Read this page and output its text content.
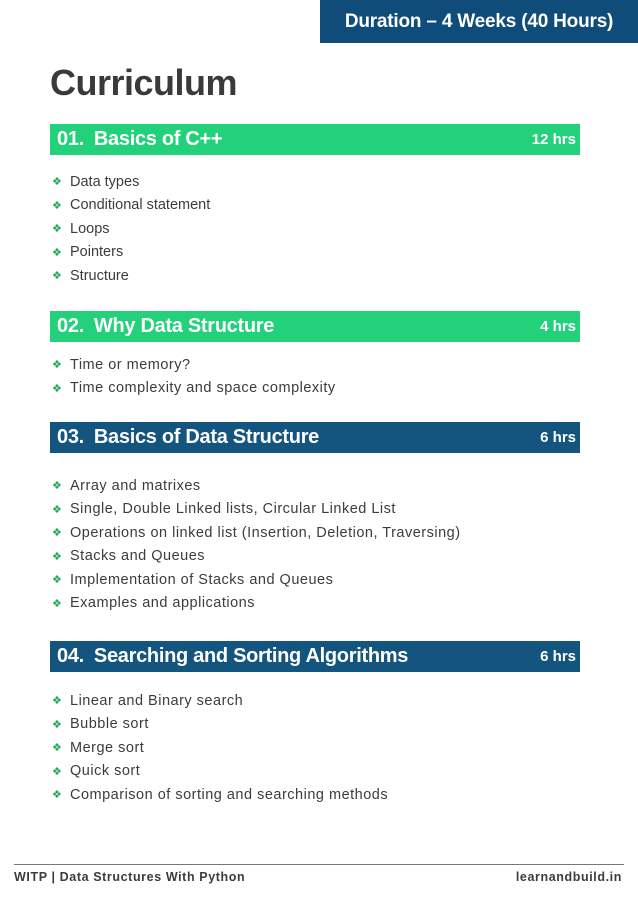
Duration – 4 Weeks (40 Hours)
Curriculum
01. Basics of C++	12 hrs
❖ Data types
❖ Conditional statement
❖ Loops
❖ Pointers
❖ Structure
02. Why Data Structure	4 hrs
❖ Time or memory?
❖ Time complexity and space complexity
03. Basics of Data Structure	6 hrs
❖ Array and matrixes
❖ Single, Double Linked lists, Circular Linked List
❖ Operations on linked list (Insertion, Deletion, Traversing)
❖ Stacks and Queues
❖ Implementation of Stacks and Queues
❖ Examples and applications
04. Searching and Sorting Algorithms	6 hrs
❖ Linear and Binary search
❖ Bubble sort
❖ Merge sort
❖ Quick sort
❖ Comparison of sorting and searching methods
WITP | Data Structures With Python	learnandbuild.in
